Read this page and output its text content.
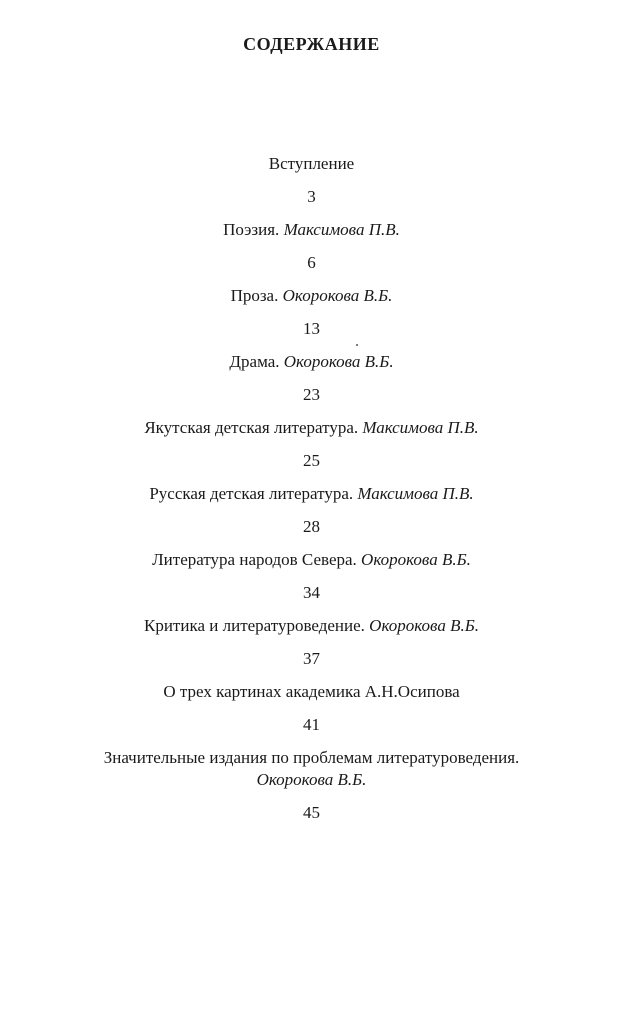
СОДЕРЖАНИЕ
Вступление
3
Поэзия. Максимова П.В.
6
Проза. Окорокова В.Б.
13
Драма. Окорокова В.Б.
23
Якутская детская литература. Максимова П.В.
25
Русская детская литература. Максимова П.В.
28
Литература народов Севера. Окорокова В.Б.
34
Критика и литературоведение. Окорокова В.Б.
37
О трех картинах академика А.Н.Осипова
41
Значительные издания по проблемам литературоведения.
Окорокова В.Б.
45
